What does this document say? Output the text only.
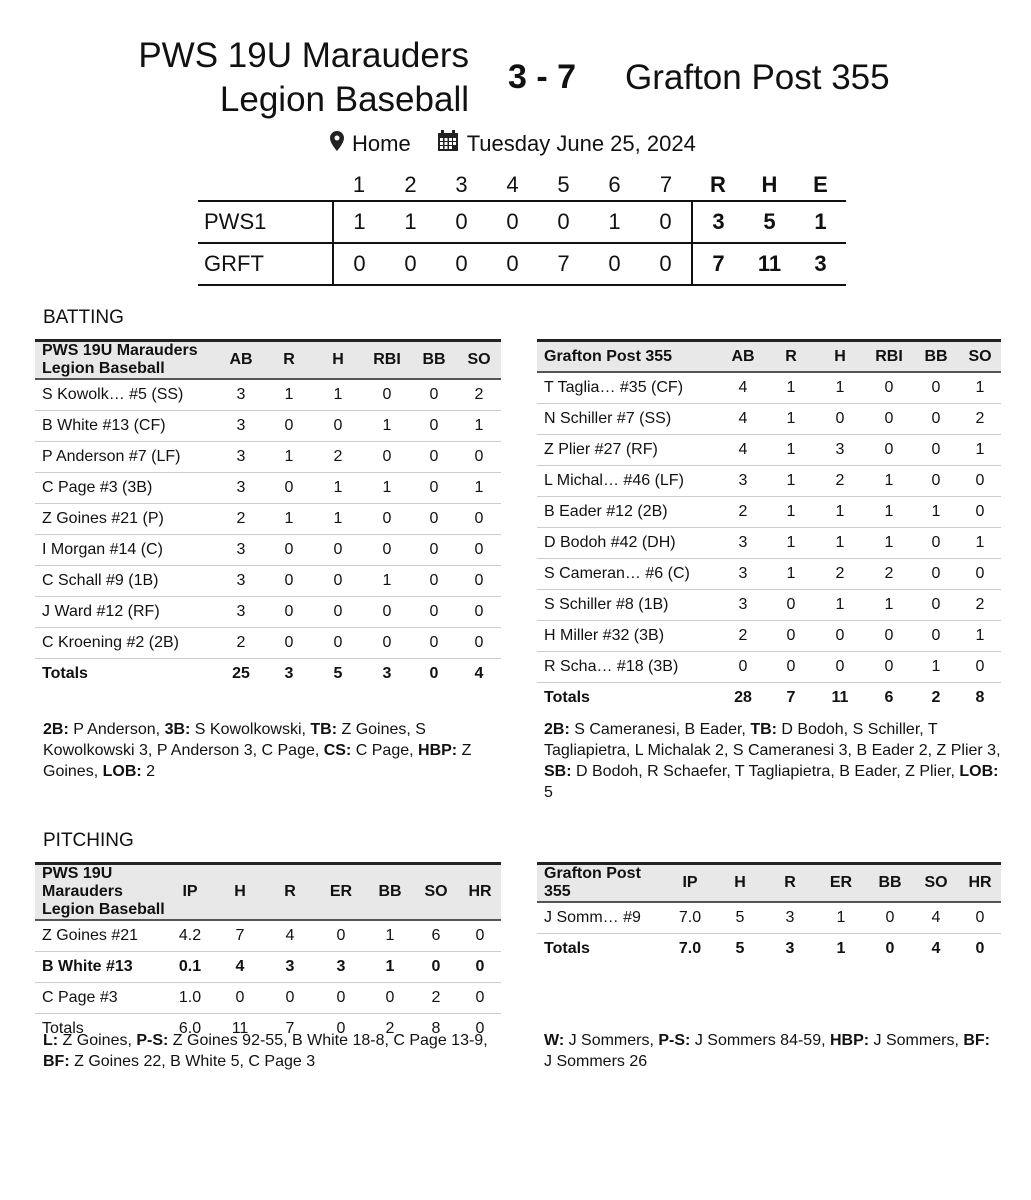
PWS 19U Marauders
Legion Baseball
3 - 7 Grafton Post 355
Home	Tuesday June 25, 2024
	1	2	3	4	5	6	7	R	H	E
PWS1	1	1	0	0	0	1	0	3	5	1
GRFT	0	0	0	0	7	0	0	7	11	3
BATTING
PWS 19U Marauders Legion Baseball	AB	R	H	RBI	BB	SO
S Kowolk… #5 (SS)	3	1	1	0	0	2
B White #13 (CF)	3	0	0	1	0	1
P Anderson #7 (LF)	3	1	2	0	0	0
C Page #3 (3B)	3	0	1	1	0	1
Z Goines #21 (P)	2	1	1	0	0	0
I Morgan #14 (C)	3	0	0	0	0	0
C Schall #9 (1B)	3	0	0	1	0	0
J Ward #12 (RF)	3	0	0	0	0	0
C Kroening #2 (2B)	2	0	0	0	0	0
Totals	25	3	5	3	0	4
Grafton Post 355	AB	R	H	RBI	BB	SO
T Taglia… #35 (CF)	4	1	1	0	0	1
N Schiller #7 (SS)	4	1	0	0	0	2
Z Plier #27 (RF)	4	1	3	0	0	1
L Michal… #46 (LF)	3	1	2	1	0	0
B Eader #12 (2B)	2	1	1	1	1	0
D Bodoh #42 (DH)	3	1	1	1	0	1
S Cameran… #6 (C)	3	1	2	2	0	0
S Schiller #8 (1B)	3	0	1	1	0	2
H Miller #32 (3B)	2	0	0	0	0	1
R Scha… #18 (3B)	0	0	0	0	1	0
Totals	28	7	11	6	2	8
2B: P Anderson, 3B: S Kowolkowski, TB: Z Goines, S Kowolkowski 3, P Anderson 3, C Page, CS: C Page, HBP: Z Goines, LOB: 2
2B: S Cameranesi, B Eader, TB: D Bodoh, S Schiller, T Tagliapietra, L Michalak 2, S Cameranesi 3, B Eader 2, Z Plier 3, SB: D Bodoh, R Schaefer, T Tagliapietra, B Eader, Z Plier, LOB: 5
PITCHING
PWS 19U Marauders Legion Baseball	IP	H	R	ER	BB	SO	HR
Z Goines #21	4.2	7	4	0	1	6	0
B White #13	0.1	4	3	3	1	0	0
C Page #3	1.0	0	0	0	0	2	0
Totals	6.0	11	7	0	2	8	0
Grafton Post 355	IP	H	R	ER	BB	SO	HR
J Somm… #9	7.0	5	3	1	0	4	0
Totals	7.0	5	3	1	0	4	0
L: Z Goines, P-S: Z Goines 92-55, B White 18-8, C Page 13-9, BF: Z Goines 22, B White 5, C Page 3
W: J Sommers, P-S: J Sommers 84-59, HBP: J Sommers, BF: J Sommers 26
